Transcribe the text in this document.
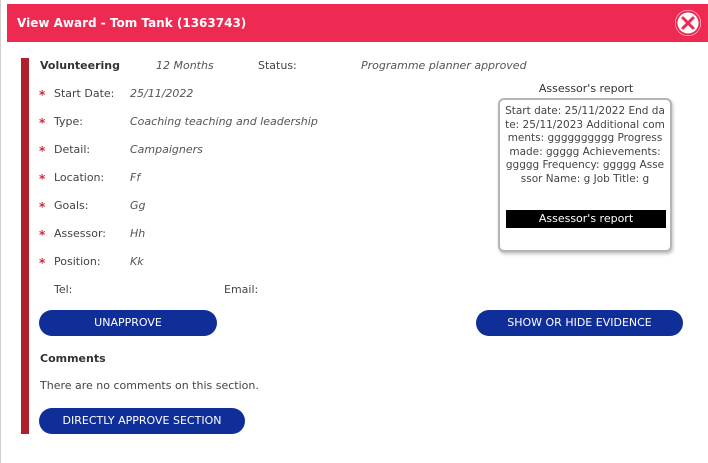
View Award - Tom Tank (1363743)
Volunteering	12 Months	Status:	Programme planner approved
* Start Date: 25/11/2022
* Type:	Coaching teaching and leadership
* Detail:	Campaigners
* Location: Ff
* Goals:	Gg
* Assessor: Hh
* Position:	Kk
Tel:	Email:
Assessor's report
Start date: 25/11/2022 End date: 25/11/2023 Additional comments: gggggggggg Progress made: ggggg Achievements: ggggg Frequency: ggggg Assessor Name: g Job Title: g
Assessor's report
UNAPPROVE	SHOW OR HIDE EVIDENCE
Comments
There are no comments on this section.
DIRECTLY APPROVE SECTION
